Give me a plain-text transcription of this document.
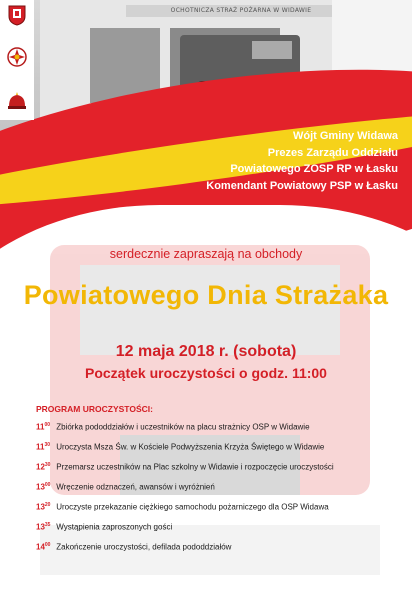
OCHOTNICZA STRAŻ POŻARNA W WIDAWIE
Wójt Gminy Widawa
Prezes Zarządu Oddziału
Powiatowego ZOSP RP w Łasku
Komendant Powiatowy PSP w Łasku
serdecznie zapraszają na obchody
Powiatowego Dnia Strażaka
12 maja 2018 r. (sobota)
Początek uroczystości o godz. 11:00
PROGRAM UROCZYSTOŚCI:
$11^{00}$ Zbiórka pododdziałów i uczestników na placu strażnicy OSP w Widawie
$11^{30}$ Uroczysta Msza Św. w Kościele Podwyższenia Krzyża Świętego w Widawie
$12^{30}$ Przemarsz uczestników na Plac szkolny w Widawie i rozpoczęcie uroczystości
$13^{00}$ Wręczenie odznaczeń, awansów i wyróżnień
$13^{20}$ Uroczyste przekazanie ciężkiego samochodu pożarniczego dla OSP Widawa
$13^{35}$ Wystąpienia zaproszonych gości
$14^{00}$ Zakończenie uroczystości, defilada pododdziałów
